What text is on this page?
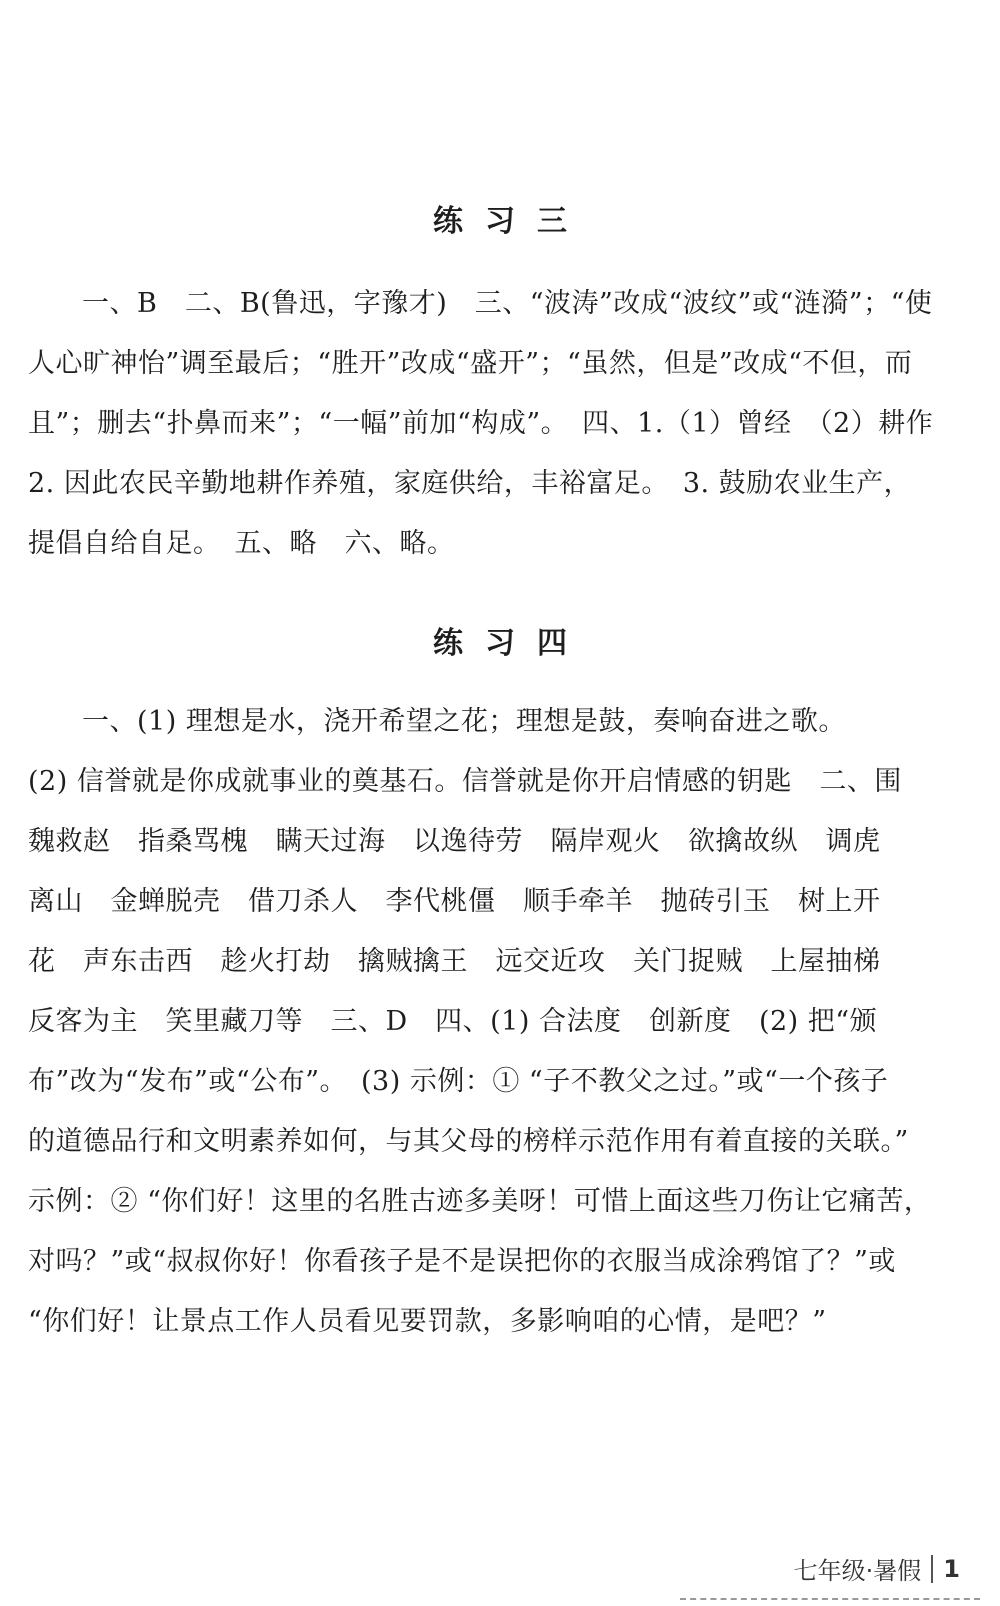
练习三
一、B　二、B(鲁迅，字豫才)　三、“波涛”改成“波纹”或“涟漪”；“使
人心旷神怡”调至最后；“胜开”改成“盛开”；“虽然，但是”改成“不但，而
且”；删去“扑鼻而来”；“一幅”前加“构成”。　四、1.（1）曾经　（2）耕作
2. 因此农民辛勤地耕作养殖，家庭供给，丰裕富足。　3. 鼓励农业生产，
提倡自给自足。　五、略　六、略。
练习四
一、(1) 理想是水，浇开希望之花；理想是鼓，奏响奋进之歌。
(2) 信誉就是你成就事业的奠基石。信誉就是你开启情感的钥匙　二、围
魏救赵　指桑骂槐　瞒天过海　以逸待劳　隔岸观火　欲擒故纵　调虎
离山　金蝉脱壳　借刀杀人　李代桃僵　顺手牵羊　抛砖引玉　树上开
花　声东击西　趁火打劫　擒贼擒王　远交近攻　关门捉贼　上屋抽梯
反客为主　笑里藏刀等　三、D　四、(1) 合法度　创新度　(2) 把“颁
布”改为“发布”或“公布”。　(3) 示例：① “子不教父之过。”或“一个孩子
的道德品行和文明素养如何，与其父母的榜样示范作用有着直接的关联。”
示例：② “你们好！这里的名胜古迹多美呀！可惜上面这些刀伤让它痛苦，
对吗？”或“叔叔你好！你看孩子是不是误把你的衣服当成涂鸦馆了？”或
“你们好！让景点工作人员看见要罚款，多影响咱的心情，是吧？”
七年级·暑假 1
